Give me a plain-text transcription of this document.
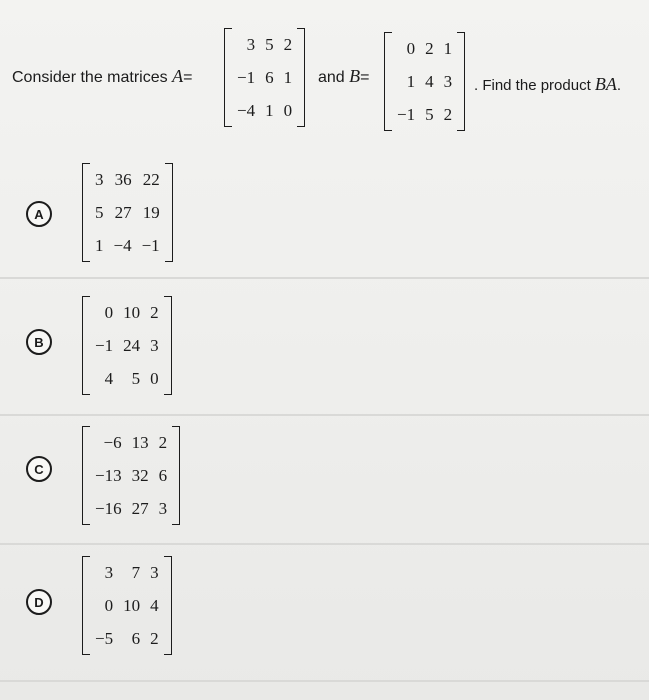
Consider the matrices A=
3	5	2
−1	6	1
−4	1	0
and B=
0	2	1
1	4	3
−1	5	2
. Find the product BA.
A
3	36	22
5	27	19
1	−4	−1
B
0	10	2
−1	24	3
4	5	0
C
−6	13	2
−13	32	6
−16	27	3
D
3	7	3
0	10	4
−5	6	2
